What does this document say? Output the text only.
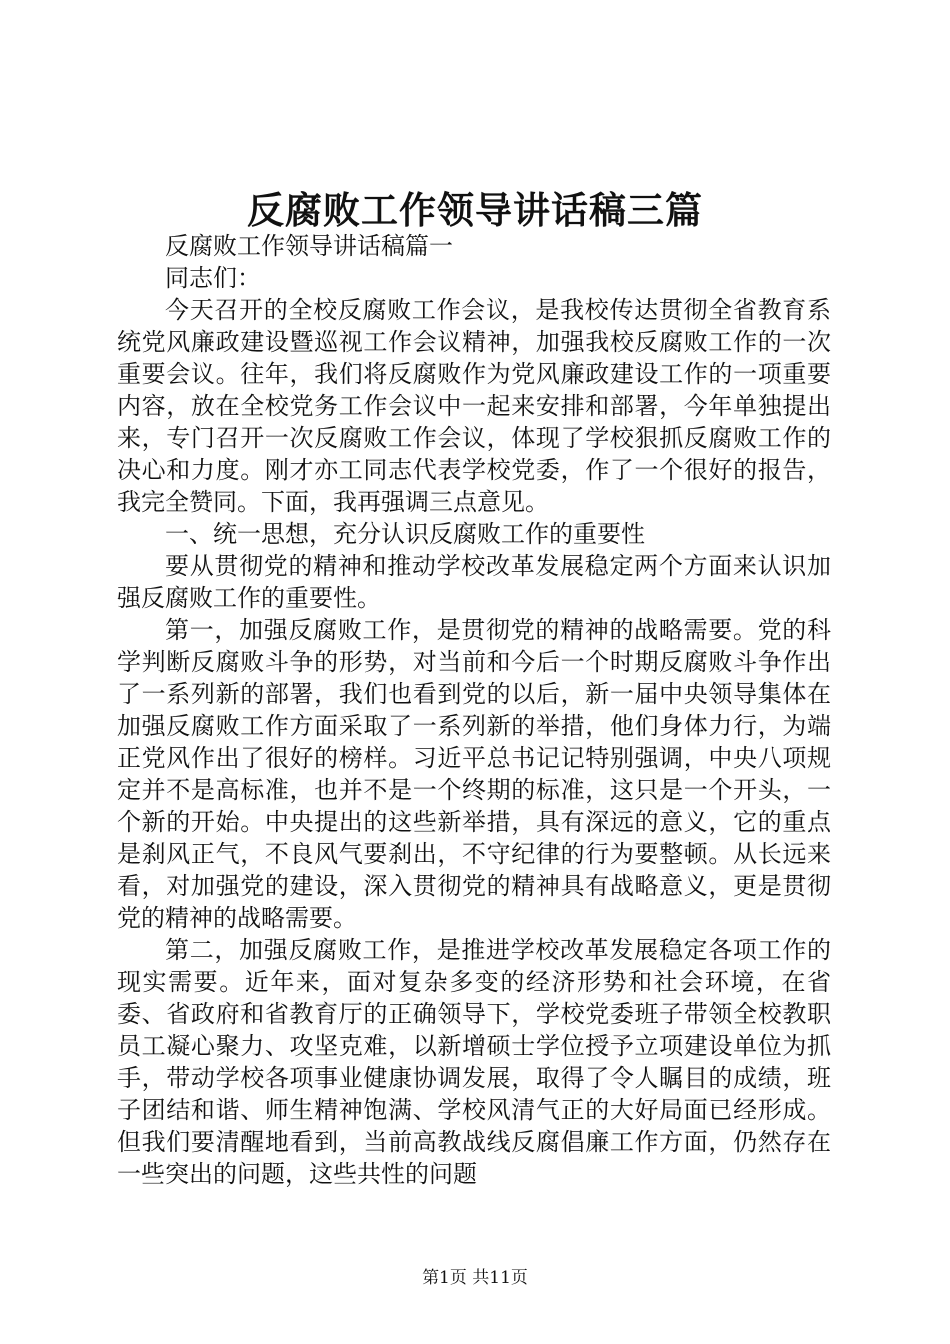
反腐败工作领导讲话稿三篇

反腐败工作领导讲话稿篇一

同志们：

今天召开的全校反腐败工作会议，是我校传达贯彻全省教育系统党风廉政建设暨巡视工作会议精神，加强我校反腐败工作的一次重要会议。往年，我们将反腐败作为党风廉政建设工作的一项重要内容，放在全校党务工作会议中一起来安排和部署，今年单独提出来，专门召开一次反腐败工作会议，体现了学校狠抓反腐败工作的决心和力度。刚才亦工同志代表学校党委，作了一个很好的报告，我完全赞同。下面，我再强调三点意见。

一、统一思想，充分认识反腐败工作的重要性

要从贯彻党的精神和推动学校改革发展稳定两个方面来认识加强反腐败工作的重要性。

第一，加强反腐败工作，是贯彻党的精神的战略需要。党的科学判断反腐败斗争的形势，对当前和今后一个时期反腐败斗争作出了一系列新的部署，我们也看到党的以后，新一届中央领导集体在加强反腐败工作方面采取了一系列新的举措，他们身体力行，为端正党风作出了很好的榜样。习近平总书记记特别强调，中央八项规定并不是高标准，也并不是一个终期的标准，这只是一个开头，一个新的开始。中央提出的这些新举措，具有深远的意义，它的重点是刹风正气，不良风气要刹出，不守纪律的行为要整顿。从长远来看，对加强党的建设，深入贯彻党的精神具有战略意义，更是贯彻党的精神的战略需要。

第二，加强反腐败工作，是推进学校改革发展稳定各项工作的现实需要。近年来，面对复杂多变的经济形势和社会环境，在省委、省政府和省教育厅的正确领导下，学校党委班子带领全校教职员工凝心聚力、攻坚克难，以新增硕士学位授予立项建设单位为抓手，带动学校各项事业健康协调发展，取得了令人瞩目的成绩，班子团结和谐、师生精神饱满、学校风清气正的大好局面已经形成。但我们要清醒地看到，当前高教战线反腐倡廉工作方面，仍然存在一些突出的问题，这些共性的问题

第1页 共11页
